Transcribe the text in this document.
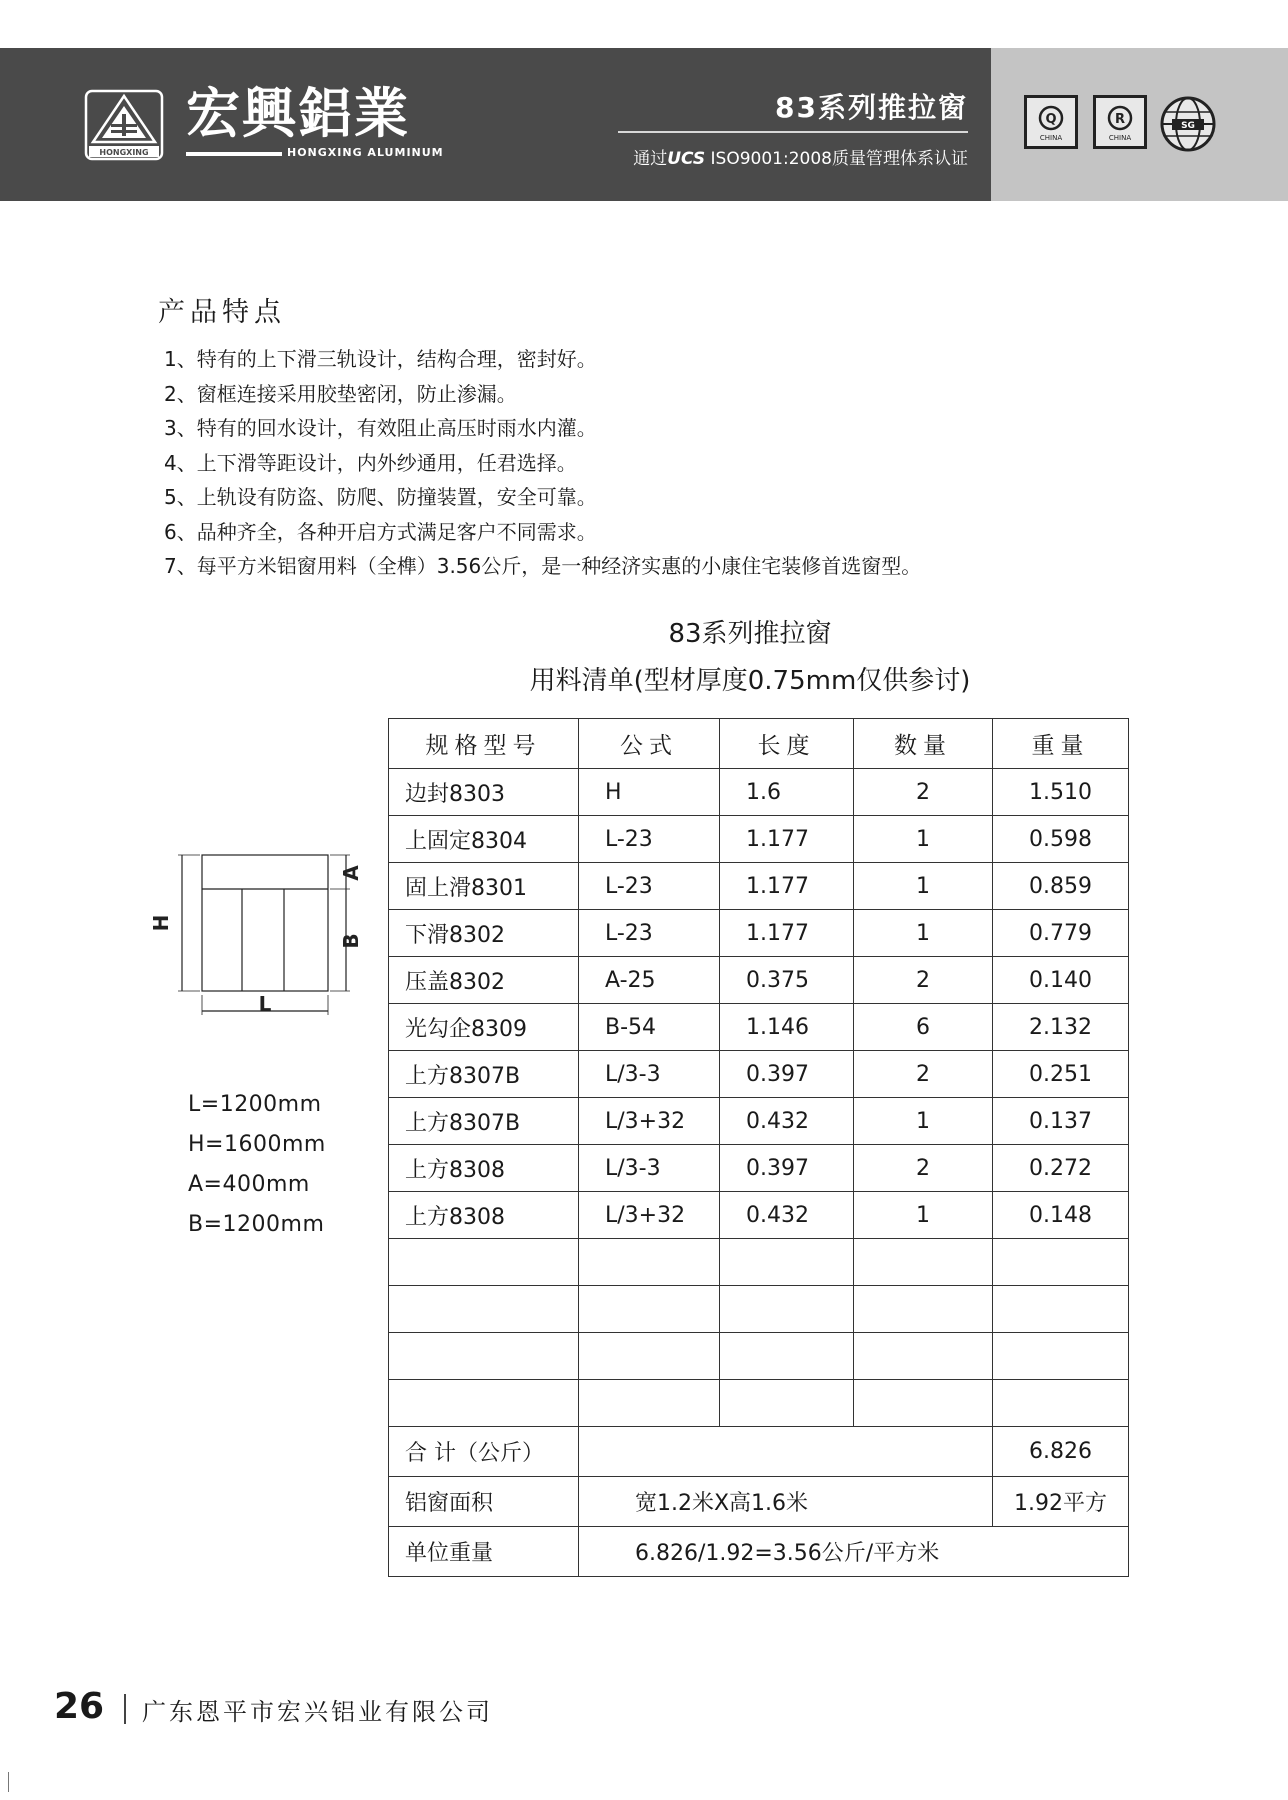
HONGXING
宏興鋁業
HONGXING ALUMINUM
83系列推拉窗
通过UCS ISO9001:2008质量管理体系认证
Q
CHINA
R
CHINA
SG
产品特点
1、特有的上下滑三轨设计，结构合理，密封好。
2、窗框连接采用胶垫密闭，防止渗漏。
3、特有的回水设计，有效阻止高压时雨水内灌。
4、上下滑等距设计，内外纱通用，任君选择。
5、上轨设有防盗、防爬、防撞装置，安全可靠。
6、品种齐全，各种开启方式满足客户不同需求。
7、每平方米铝窗用料（全榫）3.56公斤，是一种经济实惠的小康住宅装修首选窗型。
83系列推拉窗
用料清单(型材厚度0.75mm仅供参讨)
规格型号	公式	长度	数量	重量
边封8303	H	1.6	2	1.510
上固定8304	L-23	1.177	1	0.598
固上滑8301	L-23	1.177	1	0.859
下滑8302	L-23	1.177	1	0.779
压盖8302	A-25	0.375	2	0.140
光勾企8309	B-54	1.146	6	2.132
上方8307B	L/3-3	0.397	2	0.251
上方8307B	L/3+32	0.432	1	0.137
上方8308	L/3-3	0.397	2	0.272
上方8308	L/3+32	0.432	1	0.148

合 计（公斤）				6.826
铝窗面积	宽1.2米X高1.6米			1.92平方
单位重量	6.826/1.92=3.56公斤/平方米			
H
A
B
L
L=1200mm
H=1600mm
A=400mm
B=1200mm
26 广东恩平市宏兴铝业有限公司
